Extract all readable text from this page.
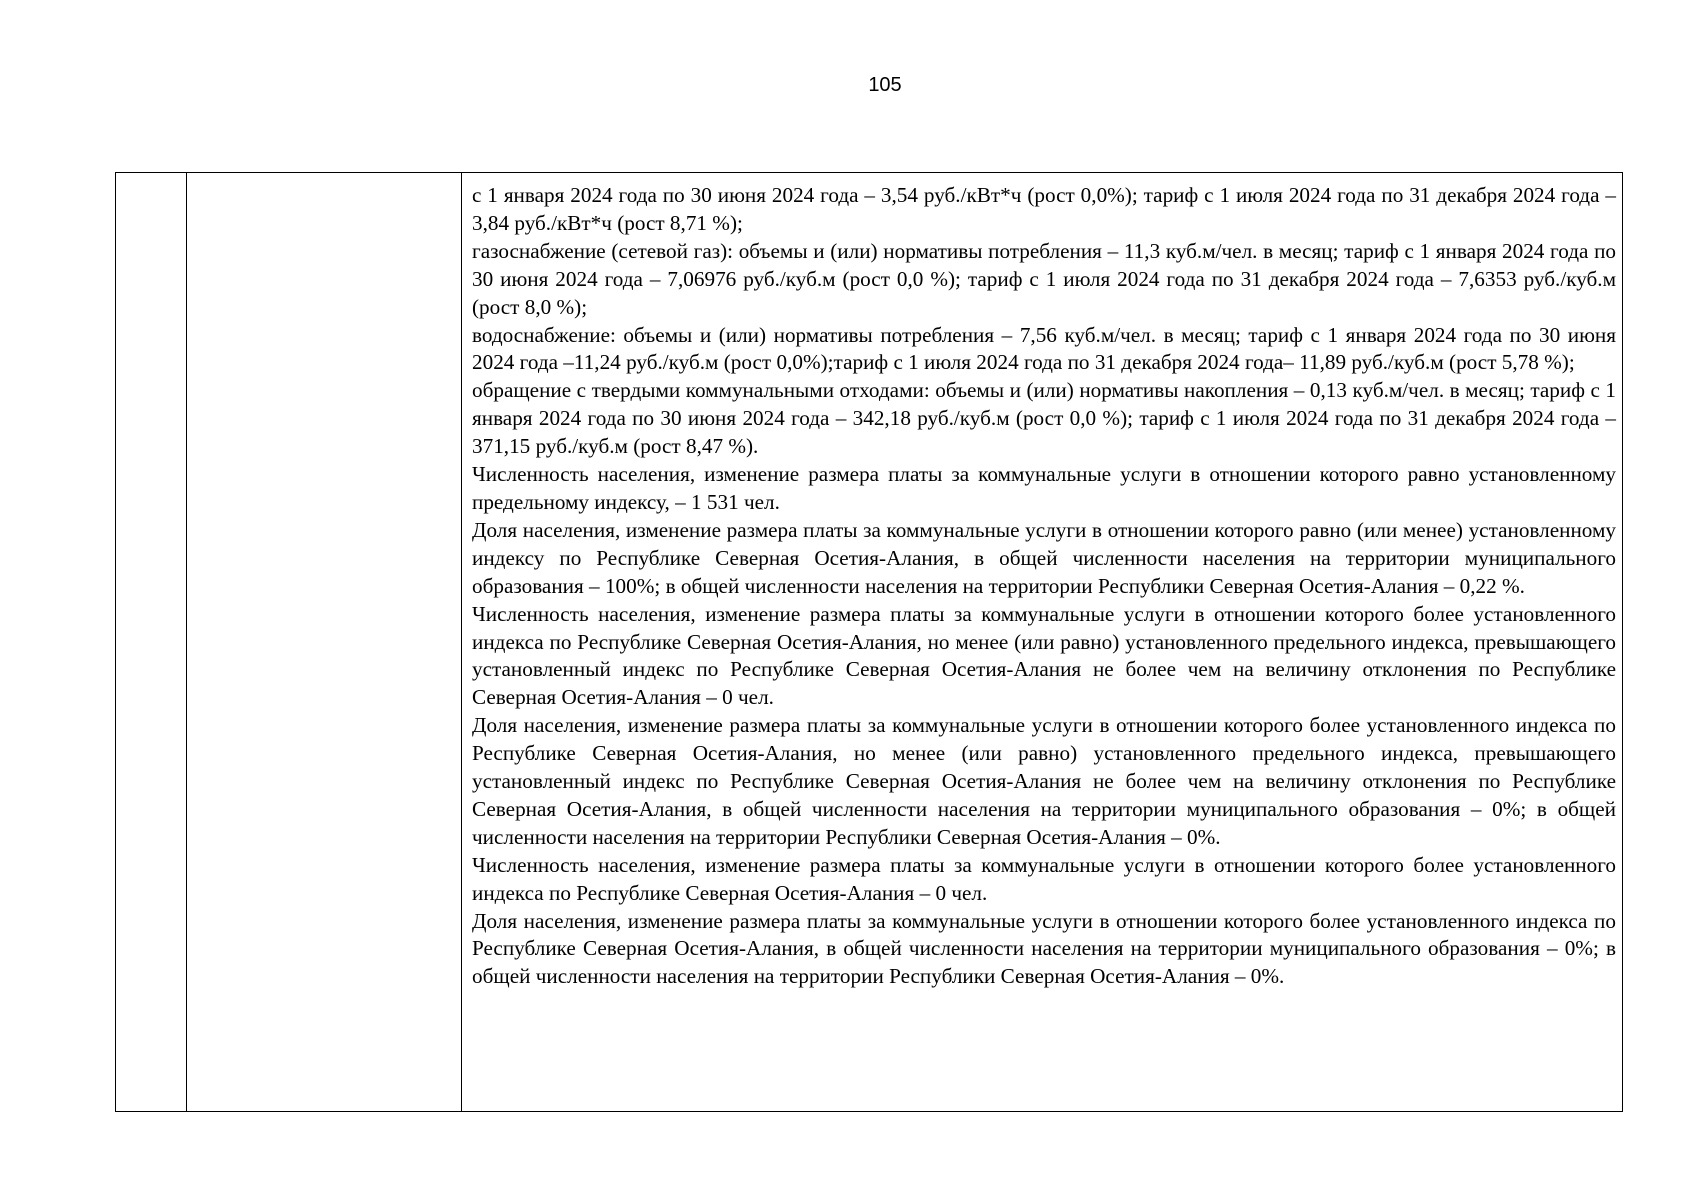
105

с 1 января 2024 года по 30 июня 2024 года – 3,54 руб./кВт*ч (рост 0,0%); тариф с 1 июля 2024 года по 31 декабря 2024 года – 3,84 руб./кВт*ч (рост 8,71 %);

газоснабжение (сетевой газ): объемы и (или) нормативы потребления – 11,3 куб.м/чел. в месяц; тариф с 1 января 2024 года по 30 июня 2024 года – 7,06976 руб./куб.м (рост 0,0 %); тариф с 1 июля 2024 года по 31 декабря 2024 года – 7,6353 руб./куб.м (рост 8,0 %);

водоснабжение: объемы и (или) нормативы потребления – 7,56 куб.м/чел. в месяц; тариф с 1 января 2024 года по 30 июня 2024 года –11,24 руб./куб.м (рост 0,0%);тариф с 1 июля 2024 года по 31 декабря 2024 года– 11,89 руб./куб.м (рост 5,78 %);

обращение с твердыми коммунальными отходами: объемы и (или) нормативы накопления – 0,13 куб.м/чел. в месяц; тариф с 1 января 2024 года по 30 июня 2024 года – 342,18 руб./куб.м (рост 0,0 %); тариф с 1 июля 2024 года по 31 декабря 2024 года –371,15 руб./куб.м (рост 8,47 %).

Численность населения, изменение размера платы за коммунальные услуги в отношении которого равно установленному предельному индексу, – 1 531 чел.

Доля населения, изменение размера платы за коммунальные услуги в отношении которого равно (или менее) установленному индексу по Республике Северная Осетия-Алания, в общей численности населения на территории муниципального образования – 100%; в общей численности населения на территории Республики Северная Осетия-Алания – 0,22 %.

Численность населения, изменение размера платы за коммунальные услуги в отношении которого более установленного индекса по Республике Северная Осетия-Алания, но менее (или равно) установленного предельного индекса, превышающего установленный индекс по Республике Северная Осетия-Алания не более чем на величину отклонения по Республике Северная Осетия-Алания – 0 чел.

Доля населения, изменение размера платы за коммунальные услуги в отношении которого более установленного индекса по Республике Северная Осетия-Алания, но менее (или равно) установленного предельного индекса, превышающего установленный индекс по Республике Северная Осетия-Алания не более чем на величину отклонения по Республике Северная Осетия-Алания, в общей численности населения на территории муниципального образования – 0%; в общей численности населения на территории Республики Северная Осетия-Алания – 0%.

Численность населения, изменение размера платы за коммунальные услуги в отношении которого более установленного индекса по Республике Северная Осетия-Алания – 0 чел.

Доля населения, изменение размера платы за коммунальные услуги в отношении которого более установленного индекса по Республике Северная Осетия-Алания, в общей численности населения на территории муниципального образования – 0%; в общей численности населения на территории Республики Северная Осетия-Алания – 0%.
